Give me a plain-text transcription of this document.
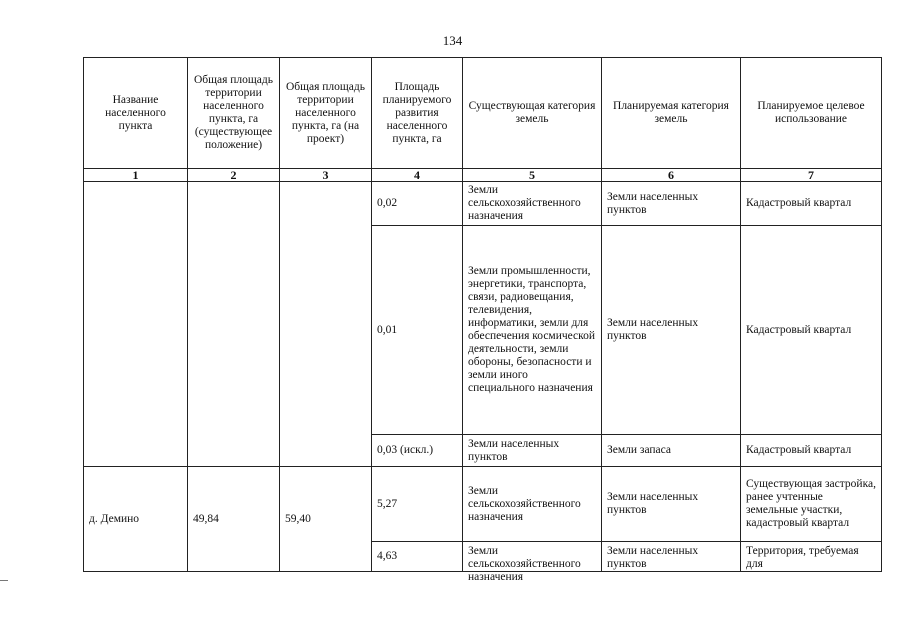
134
Название населенного пункта	Общая площадь территории населенного пункта, га (существующее положение)	Общая площадь территории населенного пункта, га (на проект)	Площадь планируемого развития населенного пункта, га	Существующая категория земель	Планируемая категория земель	Планируемое целевое использование
1	2	3	4	5	6	7
			0,02	Земли сельскохозяйственного назначения	Земли населенных пунктов	Кадастровый квартал
			0,01	Земли промышленности, энергетики, транспорта, связи, радиовещания, телевидения, информатики, земли для обеспечения космической деятельности, земли обороны, безопасности и земли иного специального назначения	Земли населенных пунктов	Кадастровый квартал
			0,03 (искл.)	Земли населенных пунктов	Земли запаса	Кадастровый квартал
д. Демино	49,84	59,40	5,27	Земли сельскохозяйственного назначения	Земли населенных пунктов	Существующая застройка, ранее учтенные земельные участки, кадастровый квартал
			4,63	Земли сельскохозяйственного назначения	Земли населенных пунктов	Территория, требуемая для
